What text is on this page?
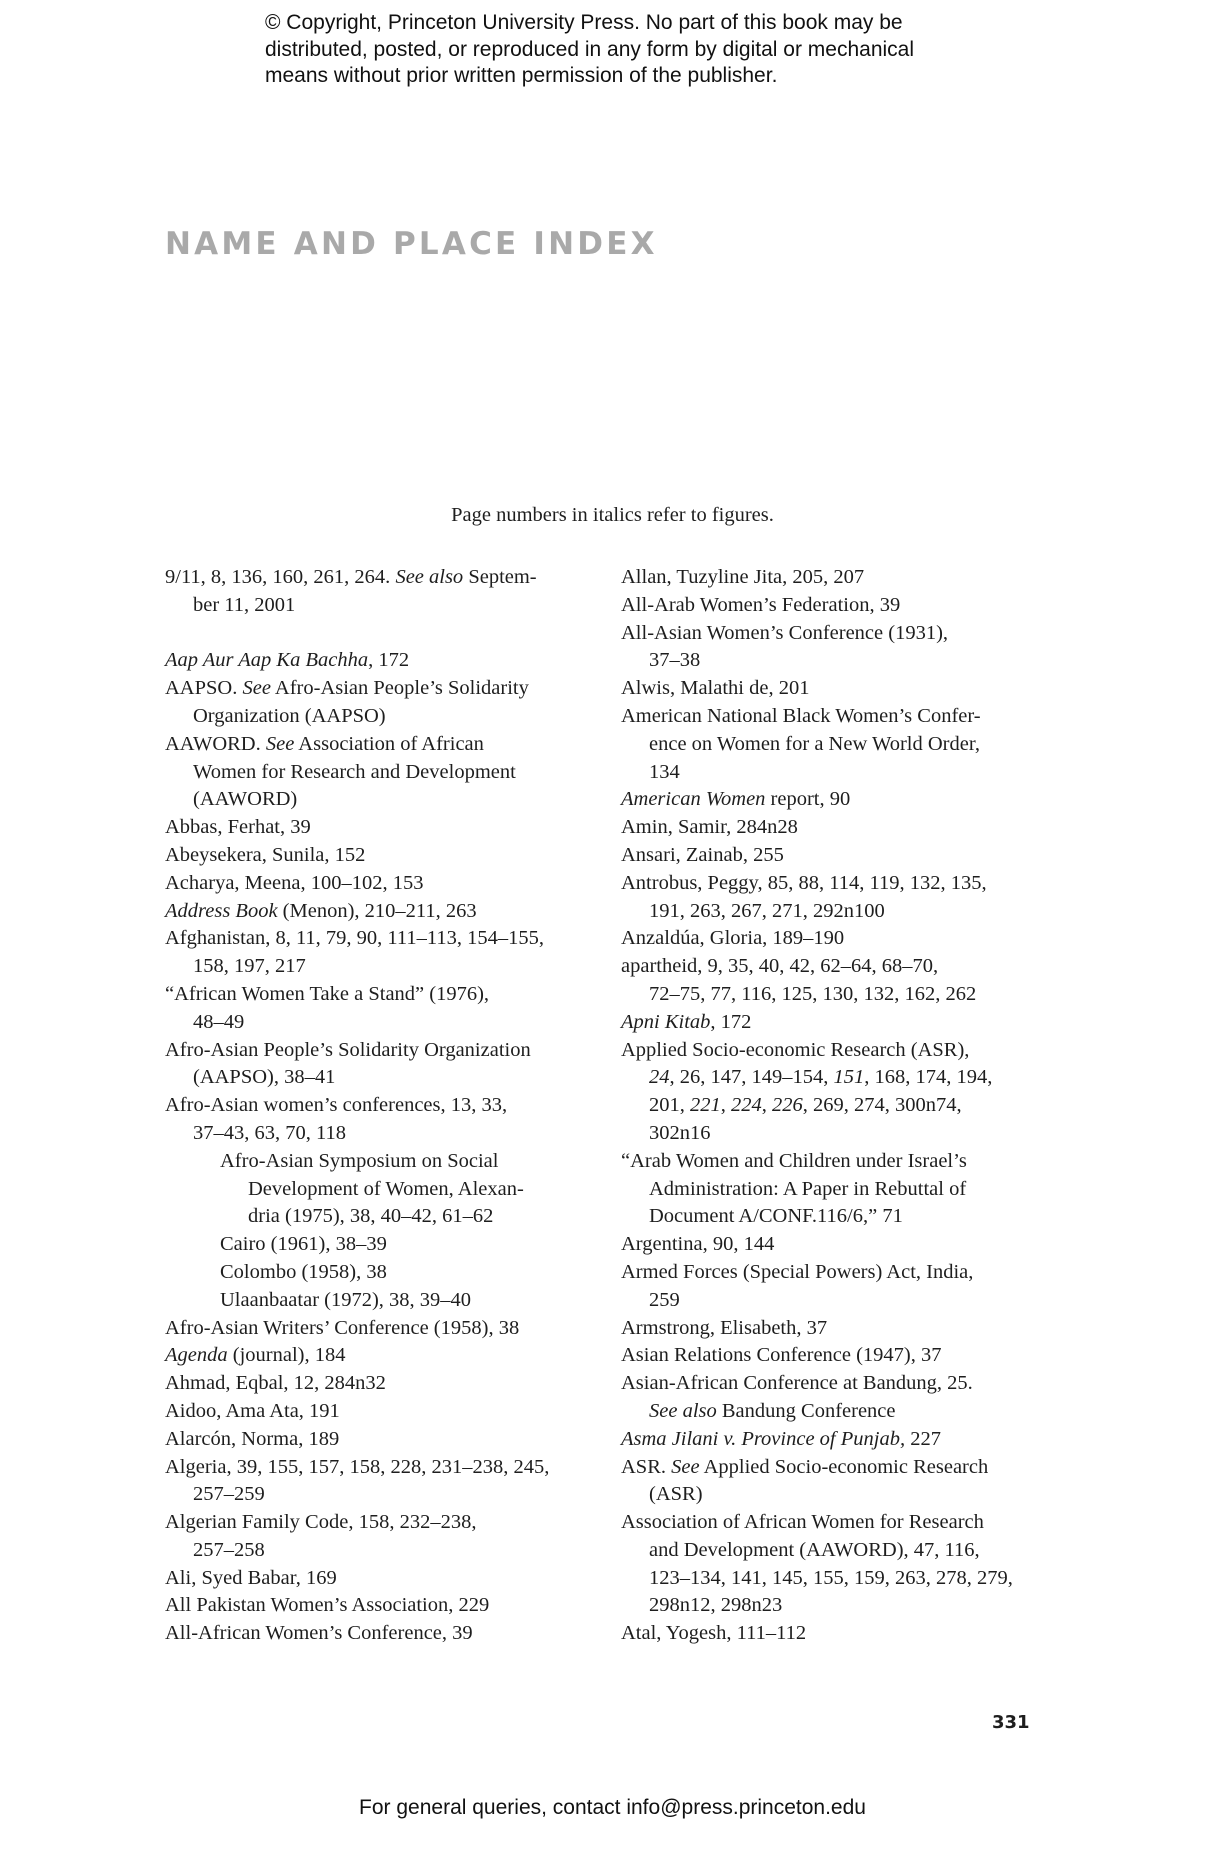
© Copyright, Princeton University Press. No part of this book may be
distributed, posted, or reproduced in any form by digital or mechanical
means without prior written permission of the publisher.
NAME AND PLACE INDEX
Page numbers in italics refer to figures.
9/11, 8, 136, 160, 261, 264. See also Septem-
ber 11, 2001
Aap Aur Aap Ka Bachha, 172
AAPSO. See Afro-Asian People’s Solidarity
Organization (AAPSO)
AAWORD. See Association of African
Women for Research and Development
(AAWORD)
Abbas, Ferhat, 39
Abeysekera, Sunila, 152
Acharya, Meena, 100–102, 153
Address Book (Menon), 210–211, 263
Afghanistan, 8, 11, 79, 90, 111–113, 154–155,
158, 197, 217
“African Women Take a Stand” (1976),
48–49
Afro-Asian People’s Solidarity Organization
(AAPSO), 38–41
Afro-Asian women’s conferences, 13, 33,
37–43, 63, 70, 118
Afro-Asian Symposium on Social
Development of Women, Alexan-
dria (1975), 38, 40–42, 61–62
Cairo (1961), 38–39
Colombo (1958), 38
Ulaanbaatar (1972), 38, 39–40
Afro-Asian Writers’ Conference (1958), 38
Agenda (journal), 184
Ahmad, Eqbal, 12, 284n32
Aidoo, Ama Ata, 191
Alarcón, Norma, 189
Algeria, 39, 155, 157, 158, 228, 231–238, 245,
257–259
Algerian Family Code, 158, 232–238,
257–258
Ali, Syed Babar, 169
All Pakistan Women’s Association, 229
All-African Women’s Conference, 39
Allan, Tuzyline Jita, 205, 207
All-Arab Women’s Federation, 39
All-Asian Women’s Conference (1931),
37–38
Alwis, Malathi de, 201
American National Black Women’s Confer-
ence on Women for a New World Order,
134
American Women report, 90
Amin, Samir, 284n28
Ansari, Zainab, 255
Antrobus, Peggy, 85, 88, 114, 119, 132, 135,
191, 263, 267, 271, 292n100
Anzaldúa, Gloria, 189–190
apartheid, 9, 35, 40, 42, 62–64, 68–70,
72–75, 77, 116, 125, 130, 132, 162, 262
Apni Kitab, 172
Applied Socio-economic Research (ASR),
24, 26, 147, 149–154, 151, 168, 174, 194,
201, 221, 224, 226, 269, 274, 300n74,
302n16
“Arab Women and Children under Israel’s
Administration: A Paper in Rebuttal of
Document A/CONF.116/6,” 71
Argentina, 90, 144
Armed Forces (Special Powers) Act, India,
259
Armstrong, Elisabeth, 37
Asian Relations Conference (1947), 37
Asian-African Conference at Bandung, 25.
See also Bandung Conference
Asma Jilani v. Province of Punjab, 227
ASR. See Applied Socio-economic Research
(ASR)
Association of African Women for Research
and Development (AAWORD), 47, 116,
123–134, 141, 145, 155, 159, 263, 278, 279,
298n12, 298n23
Atal, Yogesh, 111–112
331
For general queries, contact info@press.princeton.edu
